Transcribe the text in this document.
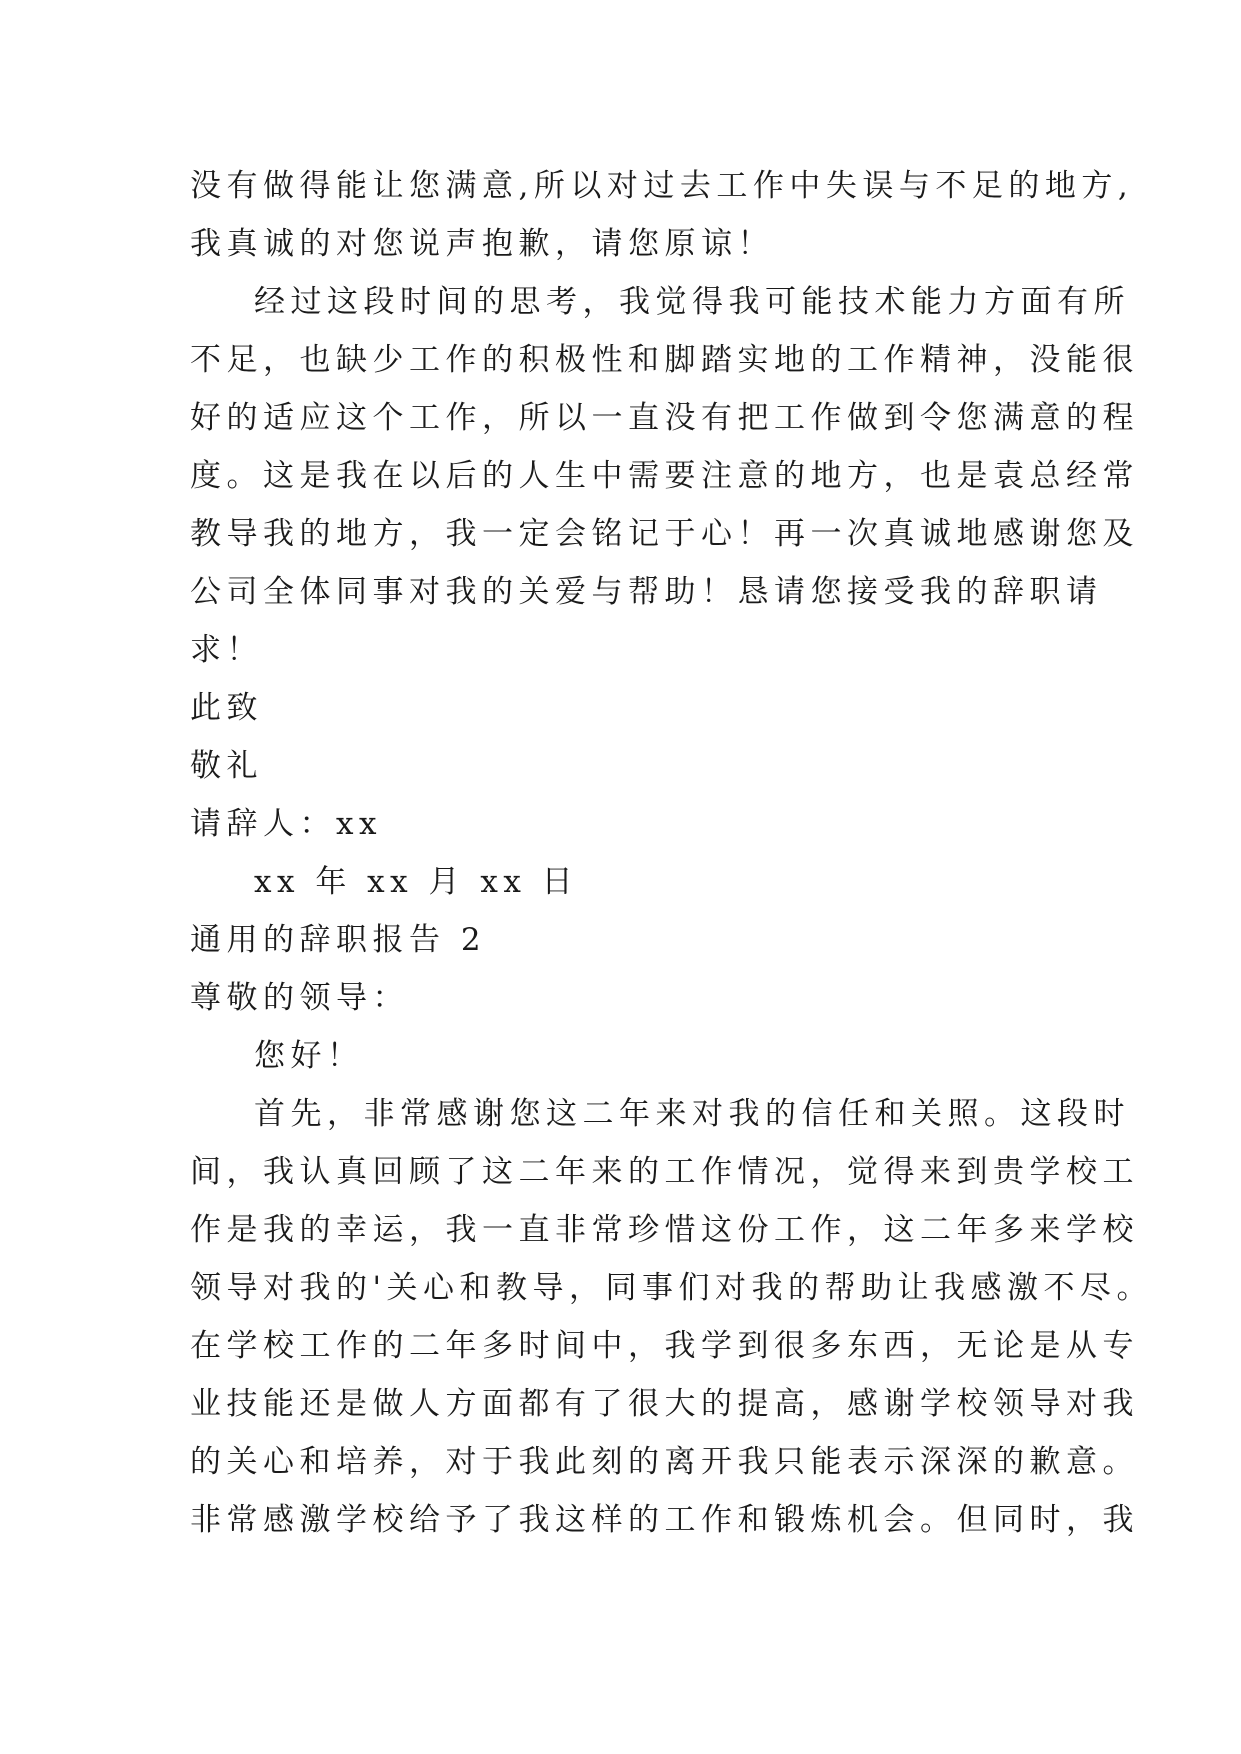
没有做得能让您满意,所以对过去工作中失误与不足的地方,
我真诚的对您说声抱歉，请您原谅！
经过这段时间的思考，我觉得我可能技术能力方面有所
不足，也缺少工作的积极性和脚踏实地的工作精神，没能很
好的适应这个工作，所以一直没有把工作做到令您满意的程
度。这是我在以后的人生中需要注意的地方，也是袁总经常
教导我的地方，我一定会铭记于心！再一次真诚地感谢您及
公司全体同事对我的关爱与帮助！恳请您接受我的辞职请
求！
此致
敬礼
请辞人：xx
xx 年 xx 月 xx 日
通用的辞职报告 2
尊敬的领导：
您好！
首先，非常感谢您这二年来对我的信任和关照。这段时
间，我认真回顾了这二年来的工作情况，觉得来到贵学校工
作是我的幸运，我一直非常珍惜这份工作，这二年多来学校
领导对我的'关心和教导，同事们对我的帮助让我感激不尽。
在学校工作的二年多时间中，我学到很多东西，无论是从专
业技能还是做人方面都有了很大的提高，感谢学校领导对我
的关心和培养，对于我此刻的离开我只能表示深深的歉意。
非常感激学校给予了我这样的工作和锻炼机会。但同时，我
